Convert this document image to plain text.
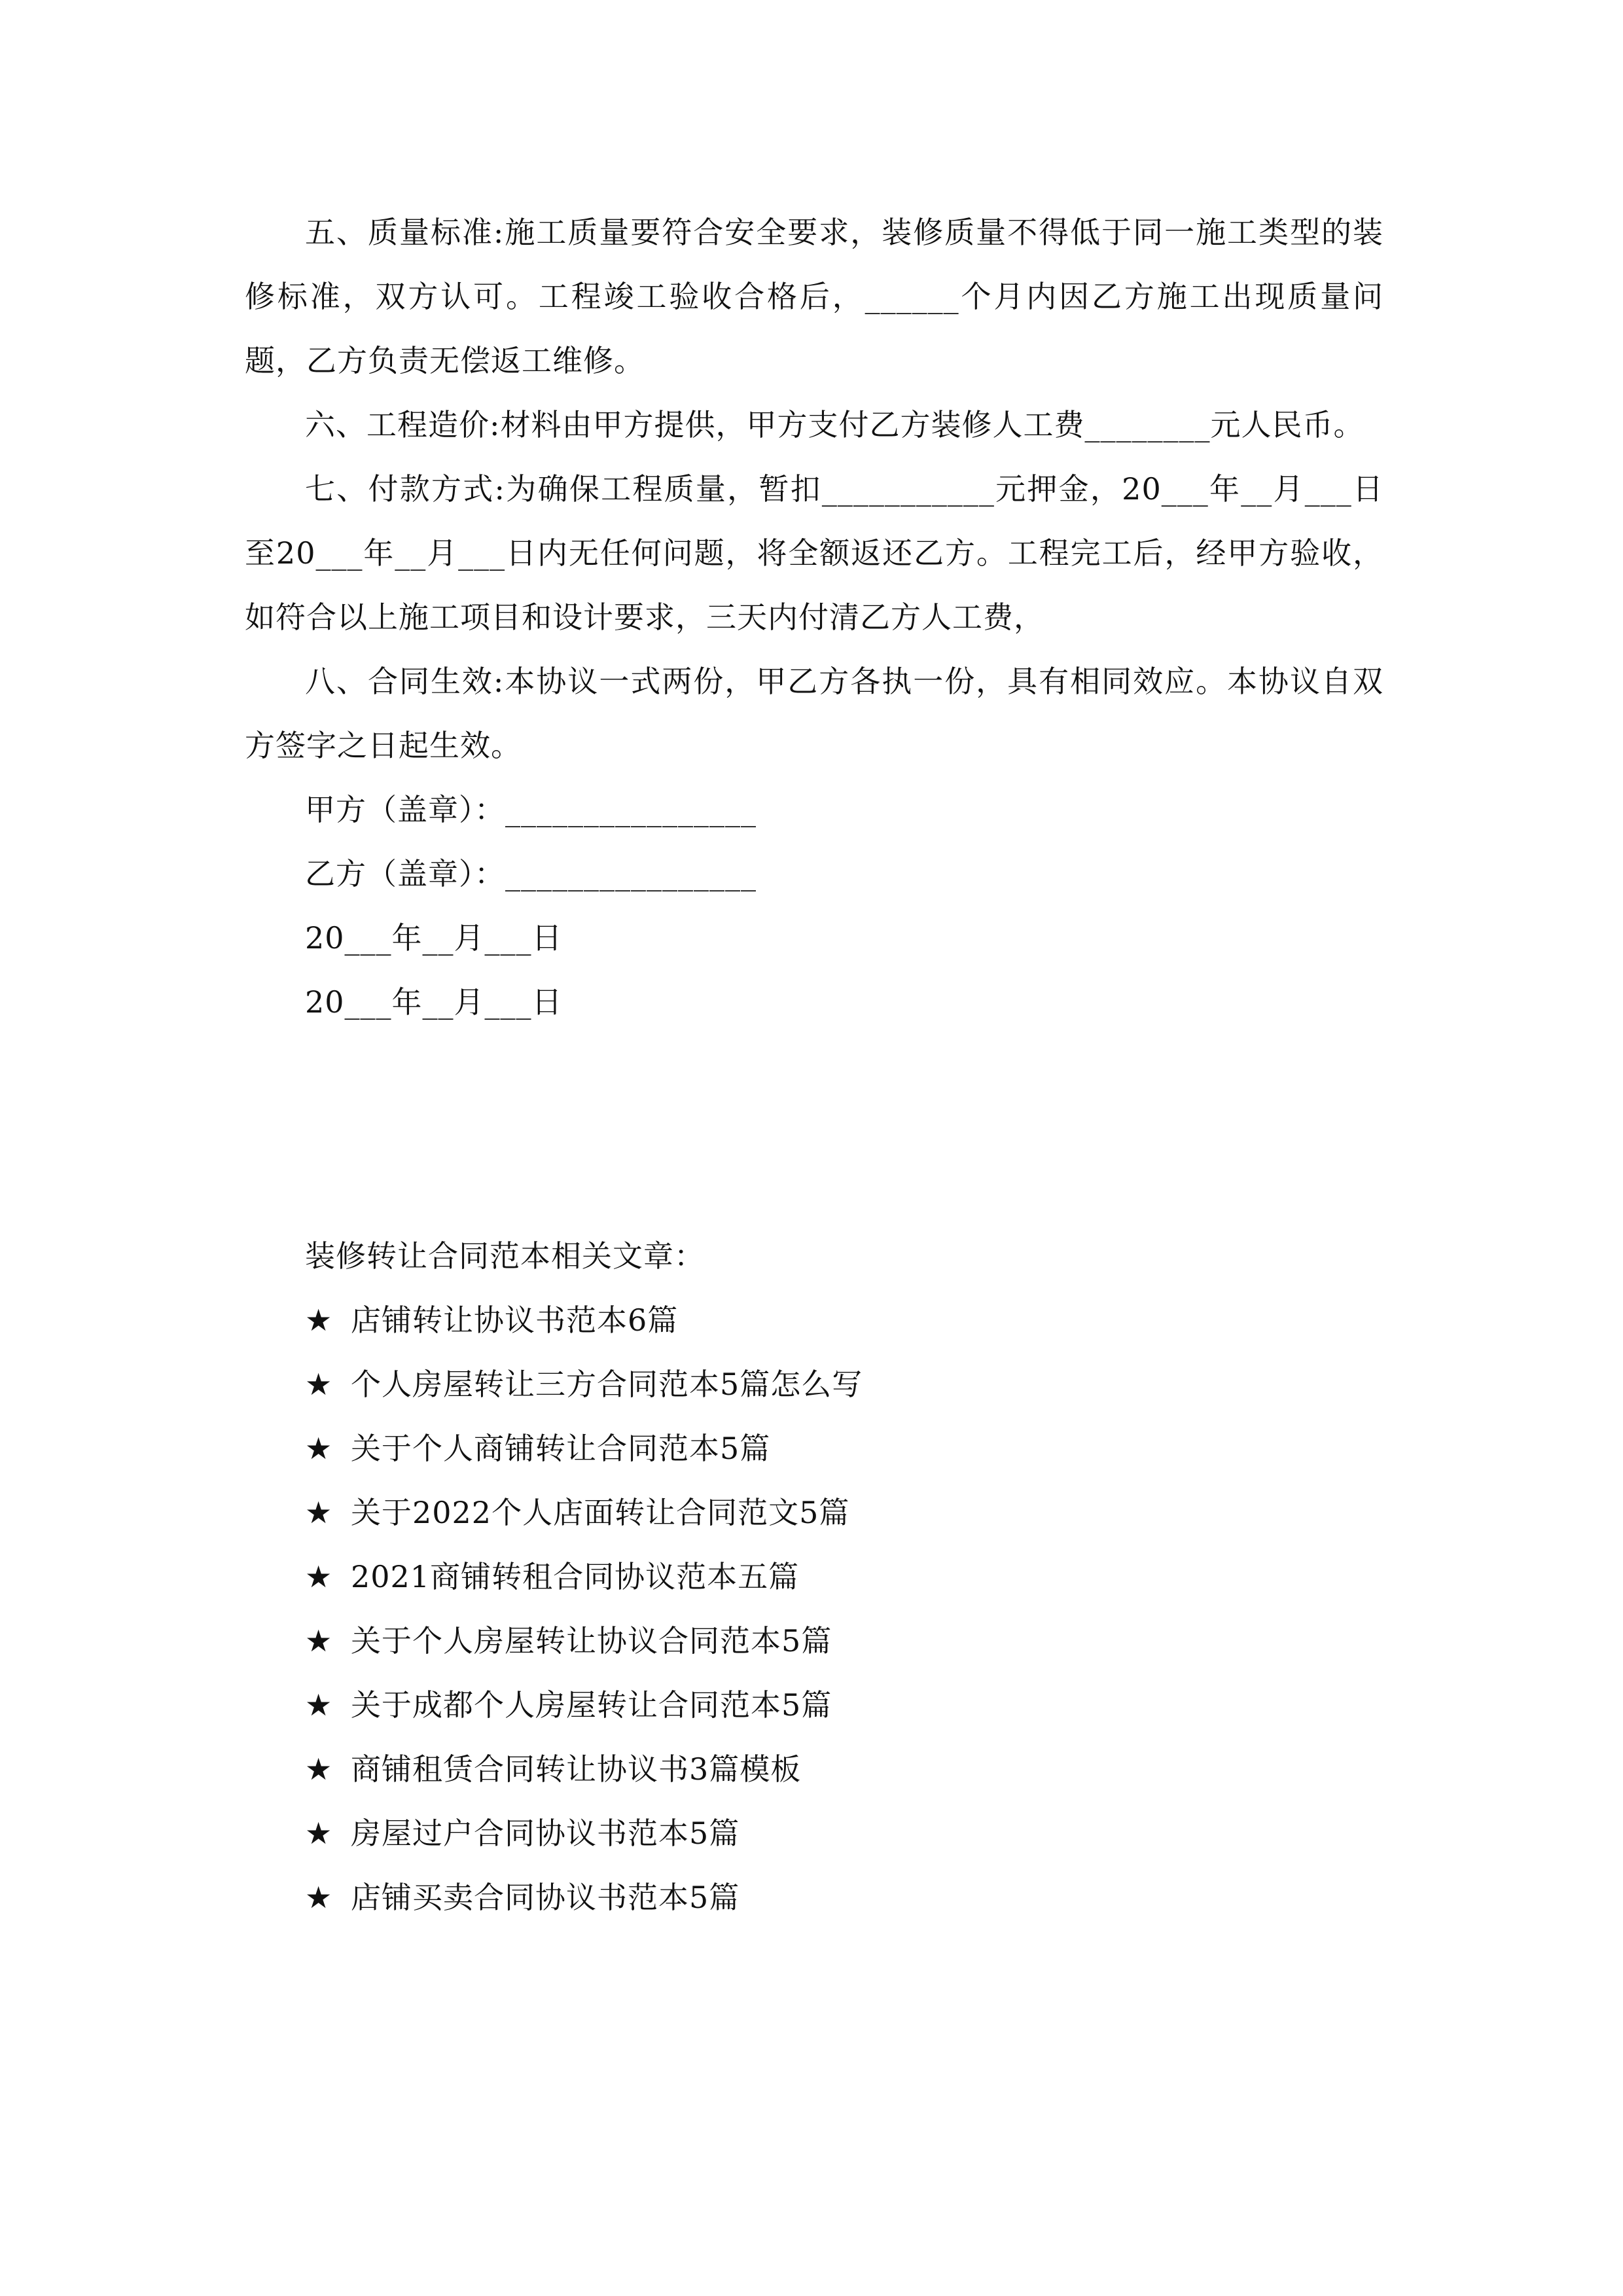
五、质量标准:施工质量要符合安全要求，装修质量不得低于同一施工类型的装修标准，双方认可。工程竣工验收合格后，______个月内因乙方施工出现质量问题，乙方负责无偿返工维修。

六、工程造价:材料由甲方提供，甲方支付乙方装修人工费________元人民币。

七、付款方式:为确保工程质量，暂扣___________元押金，20___年__月___日至20___年__月___日内无任何问题，将全额返还乙方。工程完工后，经甲方验收，如符合以上施工项目和设计要求，三天内付清乙方人工费，

八、合同生效:本协议一式两份，甲乙方各执一份，具有相同效应。本协议自双方签字之日起生效。

甲方（盖章）：________________

乙方（盖章）：________________

20___年__月___日

20___年__月___日

装修转让合同范本相关文章：

★ 店铺转让协议书范本6篇
★ 个人房屋转让三方合同范本5篇怎么写
★ 关于个人商铺转让合同范本5篇
★ 关于2022个人店面转让合同范文5篇
★ 2021商铺转租合同协议范本五篇
★ 关于个人房屋转让协议合同范本5篇
★ 关于成都个人房屋转让合同范本5篇
★ 商铺租赁合同转让协议书3篇模板
★ 房屋过户合同协议书范本5篇
★ 店铺买卖合同协议书范本5篇
